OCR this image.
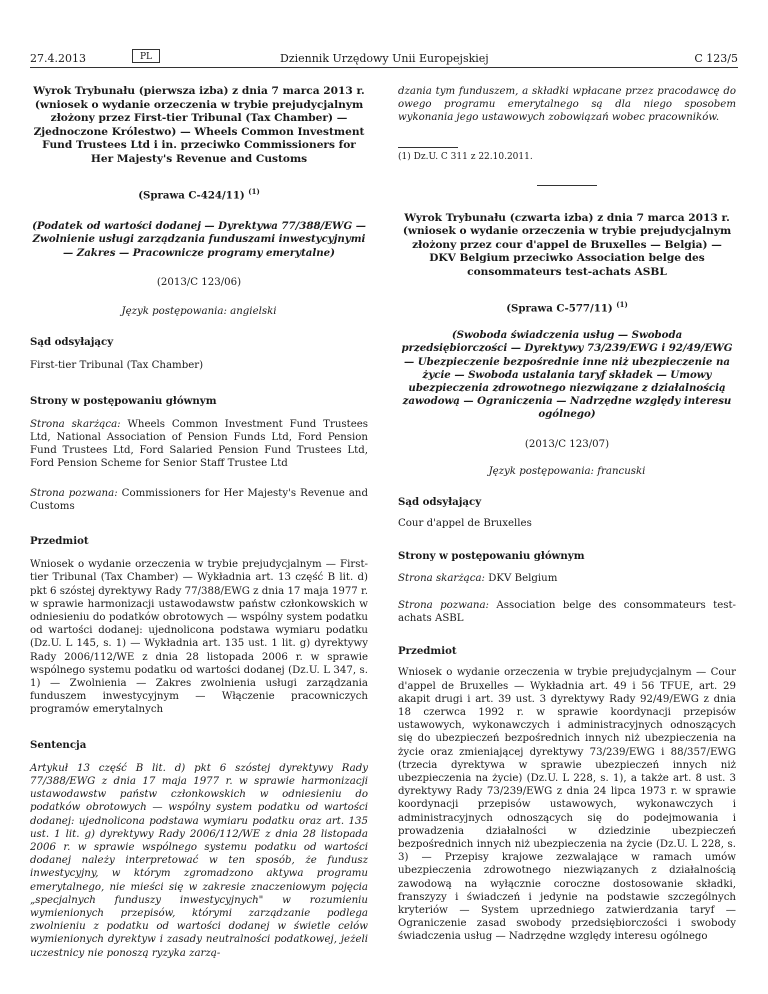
27.4.2013	PL	Dziennik Urzędowy Unii Europejskiej	C 123/5

Wyrok Trybunału (pierwsza izba) z dnia 7 marca 2013 r. (wniosek o wydanie orzeczenia w trybie prejudycjalnym złożony przez First-tier Tribunal (Tax Chamber) — Zjednoczone Królestwo) — Wheels Common Investment Fund Trustees Ltd i in. przeciwko Commissioners for Her Majesty's Revenue and Customs

(Sprawa C-424/11) $^{(1)}$

(Podatek od wartości dodanej — Dyrektywa 77/388/EWG — Zwolnienie usługi zarządzania funduszami inwestycyjnymi — Zakres — Pracownicze programy emerytalne)

(2013/C 123/06)

Język postępowania: angielski

Sąd odsyłający

First-tier Tribunal (Tax Chamber)

Strony w postępowaniu głównym

Strona skarżąca: Wheels Common Investment Fund Trustees Ltd, National Association of Pension Funds Ltd, Ford Pension Fund Trustees Ltd, Ford Salaried Pension Fund Trustees Ltd, Ford Pension Scheme for Senior Staff Trustee Ltd

Strona pozwana: Commissioners for Her Majesty's Revenue and Customs

Przedmiot

Wniosek o wydanie orzeczenia w trybie prejudycjalnym — First-tier Tribunal (Tax Chamber) — Wykładnia art. 13 część B lit. d) pkt 6 szóstej dyrektywy Rady 77/388/EWG z dnia 17 maja 1977 r. w sprawie harmonizacji ustawodawstw państw członkowskich w odniesieniu do podatków obrotowych — wspólny system podatku od wartości dodanej: ujednolicona podstawa wymiaru podatku (Dz.U. L 145, s. 1) — Wykładnia art. 135 ust. 1 lit. g) dyrektywy Rady 2006/112/WE z dnia 28 listopada 2006 r. w sprawie wspólnego systemu podatku od wartości dodanej (Dz.U. L 347, s. 1) — Zwolnienia — Zakres zwolnienia usługi zarządzania funduszem inwestycyjnym — Włączenie pracowniczych programów emerytalnych

Sentencja

Artykuł 13 część B lit. d) pkt 6 szóstej dyrektywy Rady 77/388/EWG z dnia 17 maja 1977 r. w sprawie harmonizacji ustawodawstw państw członkowskich w odniesieniu do podatków obrotowych — wspólny system podatku od wartości dodanej: ujednolicona podstawa wymiaru podatku oraz art. 135 ust. 1 lit. g) dyrektywy Rady 2006/112/WE z dnia 28 listopada 2006 r. w sprawie wspólnego systemu podatku od wartości dodanej należy interpretować w ten sposób, że fundusz inwestycyjny, w którym zgromadzono aktywa programu emerytalnego, nie mieści się w zakresie znaczeniowym pojęcia „specjalnych funduszy inwestycyjnych" w rozumieniu wymienionych przepisów, którymi zarządzanie podlega zwolnieniu z podatku od wartości dodanej w świetle celów wymienionych dyrektyw i zasady neutralności podatkowej, jeżeli uczestnicy nie ponoszą ryzyka zarzą-

dzania tym funduszem, a składki wpłacane przez pracodawcę do owego programu emerytalnego są dla niego sposobem wykonania jego ustawowych zobowiązań wobec pracowników.

(1) Dz.U. C 311 z 22.10.2011.

Wyrok Trybunału (czwarta izba) z dnia 7 marca 2013 r. (wniosek o wydanie orzeczenia w trybie prejudycjalnym złożony przez cour d'appel de Bruxelles — Belgia) — DKV Belgium przeciwko Association belge des consommateurs test-achats ASBL

(Sprawa C-577/11) $^{(1)}$

(Swoboda świadczenia usług — Swoboda przedsiębiorczości — Dyrektywy 73/239/EWG i 92/49/EWG — Ubezpieczenie bezpośrednie inne niż ubezpieczenie na życie — Swoboda ustalania taryf składek — Umowy ubezpieczenia zdrowotnego niezwiązane z działalnością zawodową — Ograniczenia — Nadrzędne względy interesu ogólnego)

(2013/C 123/07)

Język postępowania: francuski

Sąd odsyłający

Cour d'appel de Bruxelles

Strony w postępowaniu głównym

Strona skarżąca: DKV Belgium

Strona pozwana: Association belge des consommateurs test-achats ASBL

Przedmiot

Wniosek o wydanie orzeczenia w trybie prejudycjalnym — Cour d'appel de Bruxelles — Wykładnia art. 49 i 56 TFUE, art. 29 akapit drugi i art. 39 ust. 3 dyrektywy Rady 92/49/EWG z dnia 18 czerwca 1992 r. w sprawie koordynacji przepisów ustawowych, wykonawczych i administracyjnych odnoszących się do ubezpieczeń bezpośrednich innych niż ubezpieczenia na życie oraz zmieniającej dyrektywy 73/239/EWG i 88/357/EWG (trzecia dyrektywa w sprawie ubezpieczeń innych niż ubezpieczenia na życie) (Dz.U. L 228, s. 1), a także art. 8 ust. 3 dyrektywy Rady 73/239/EWG z dnia 24 lipca 1973 r. w sprawie koordynacji przepisów ustawowych, wykonawczych i administracyjnych odnoszących się do podejmowania i prowadzenia działalności w dziedzinie ubezpieczeń bezpośrednich innych niż ubezpieczenia na życie (Dz.U. L 228, s. 3) — Przepisy krajowe zezwalające w ramach umów ubezpieczenia zdrowotnego niezwiązanych z działalnością zawodową na wyłącznie coroczne dostosowanie składki, franszyzy i świadczeń i jedynie na podstawie szczególnych kryteriów — System uprzedniego zatwierdzania taryf — Ograniczenie zasad swobody przedsiębiorczości i swobody świadczenia usług — Nadrzędne względy interesu ogólnego
